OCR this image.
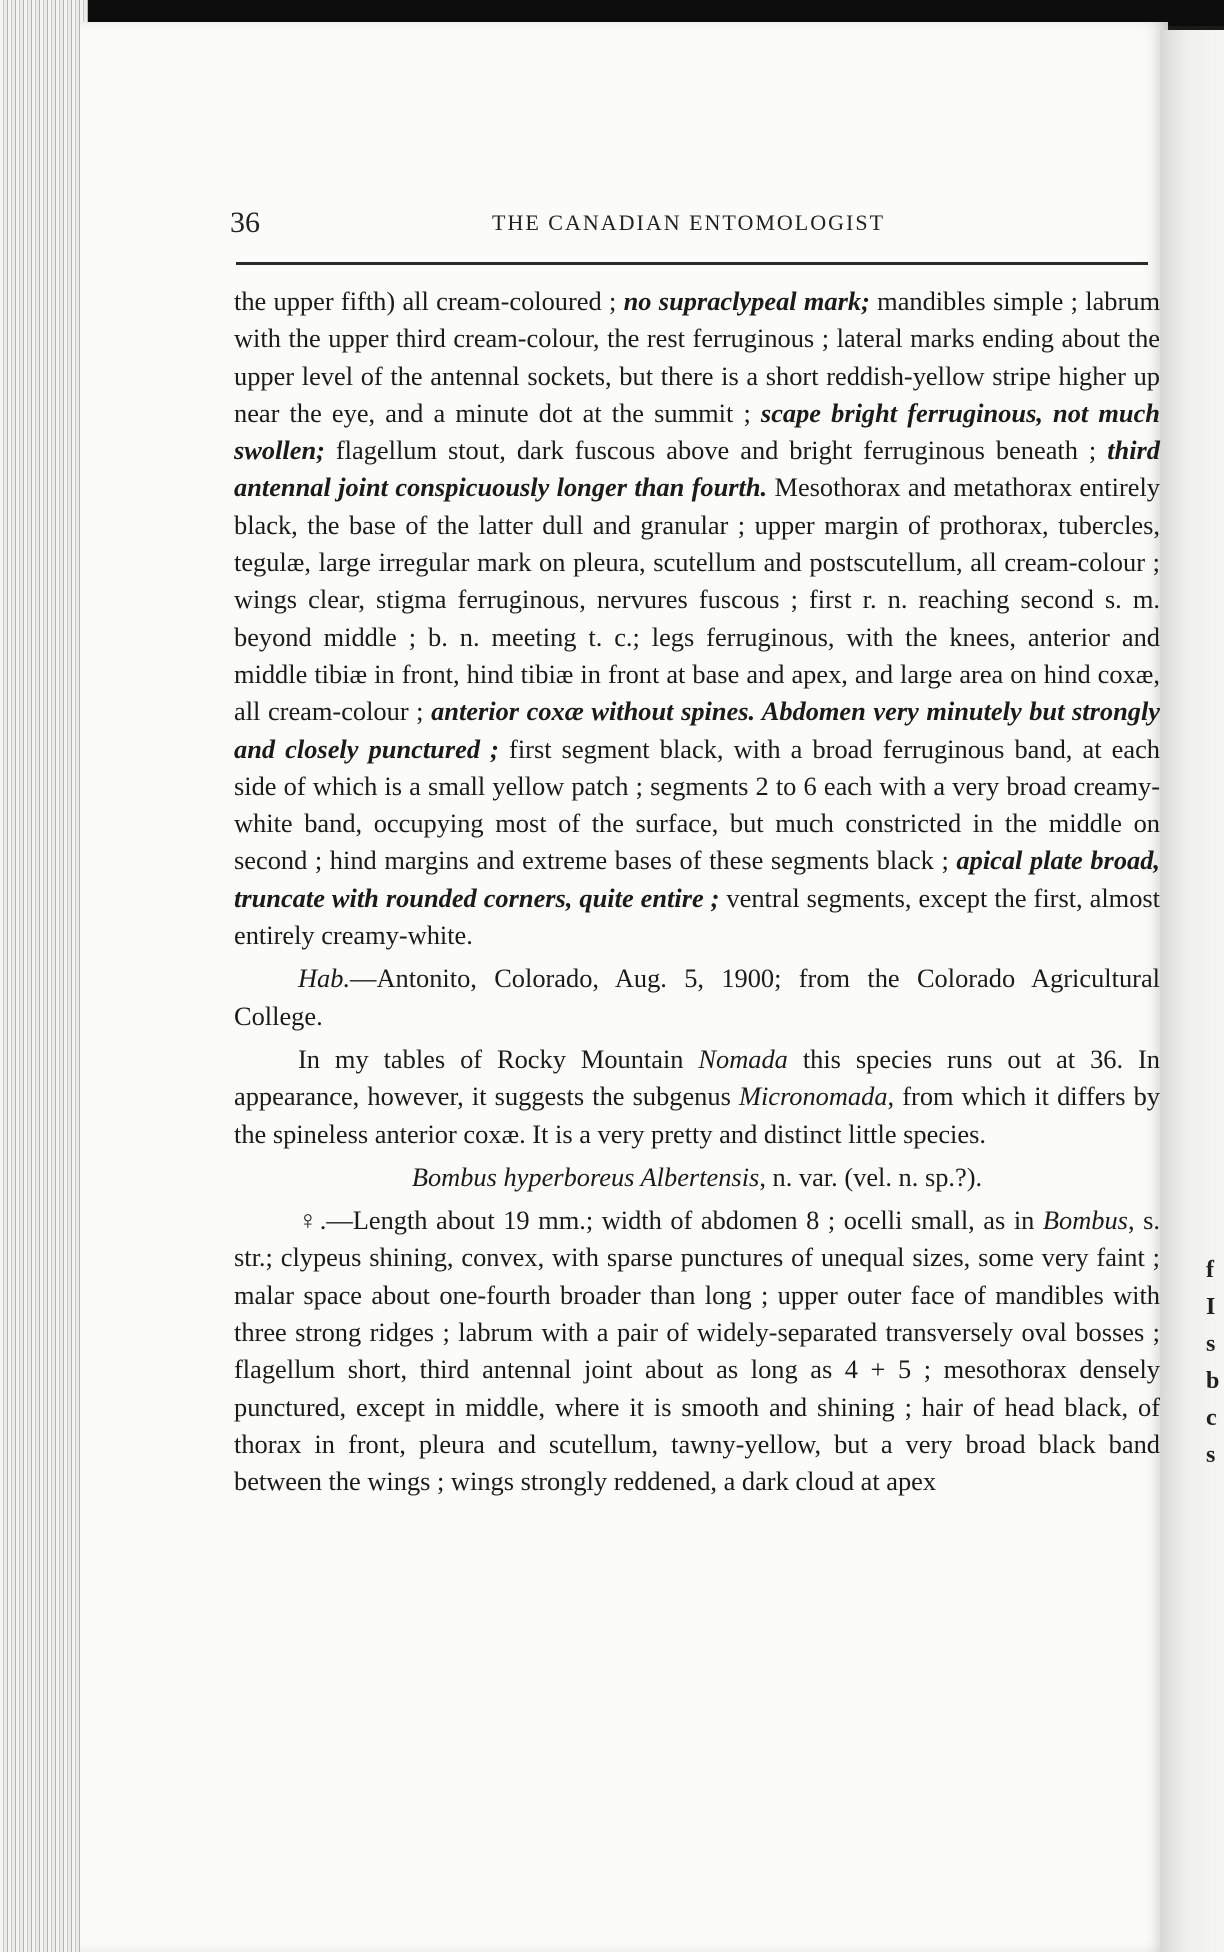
f
I
s
b
c
s
36	THE CANADIAN ENTOMOLOGIST

the upper fifth) all cream-coloured ; no supraclypeal mark; mandibles simple ; labrum with the upper third cream-colour, the rest ferruginous ; lateral marks ending about the upper level of the antennal sockets, but there is a short reddish-yellow stripe higher up near the eye, and a minute dot at the summit ; scape bright ferruginous, not much swollen; flagellum stout, dark fuscous above and bright ferruginous beneath ; third antennal joint conspicuously longer than fourth. Mesothorax and metathorax entirely black, the base of the latter dull and granular ; upper margin of prothorax, tubercles, tegulæ, large irregular mark on pleura, scutellum and postscutellum, all cream-colour ; wings clear, stigma ferruginous, nervures fuscous ; first r. n. reaching second s. m. beyond middle ; b. n. meeting t. c.; legs ferruginous, with the knees, anterior and middle tibiæ in front, hind tibiæ in front at base and apex, and large area on hind coxæ, all cream-colour ; anterior coxæ without spines. Abdomen very minutely but strongly and closely punctured ; first segment black, with a broad ferruginous band, at each side of which is a small yellow patch ; segments 2 to 6 each with a very broad creamy-white band, occupying most of the surface, but much constricted in the middle on second ; hind margins and extreme bases of these segments black ; apical plate broad, truncate with rounded corners, quite entire ; ventral segments, except the first, almost entirely creamy-white.

Hab.—Antonito, Colorado, Aug. 5, 1900; from the Colorado Agricultural College.

In my tables of Rocky Mountain Nomada this species runs out at 36. In appearance, however, it suggests the subgenus Micronomada, from which it differs by the spineless anterior coxæ. It is a very pretty and distinct little species.

Bombus hyperboreus Albertensis, n. var. (vel. n. sp.?).

♀.—Length about 19 mm.; width of abdomen 8 ; ocelli small, as in Bombus, s. str.; clypeus shining, convex, with sparse punctures of unequal sizes, some very faint ; malar space about one-fourth broader than long ; upper outer face of mandibles with three strong ridges ; labrum with a pair of widely-separated transversely oval bosses ; flagellum short, third antennal joint about as long as 4 + 5 ; mesothorax densely punctured, except in middle, where it is smooth and shining ; hair of head black, of thorax in front, pleura and scutellum, tawny-yellow, but a very broad black band between the wings ; wings strongly reddened, a dark cloud at apex
